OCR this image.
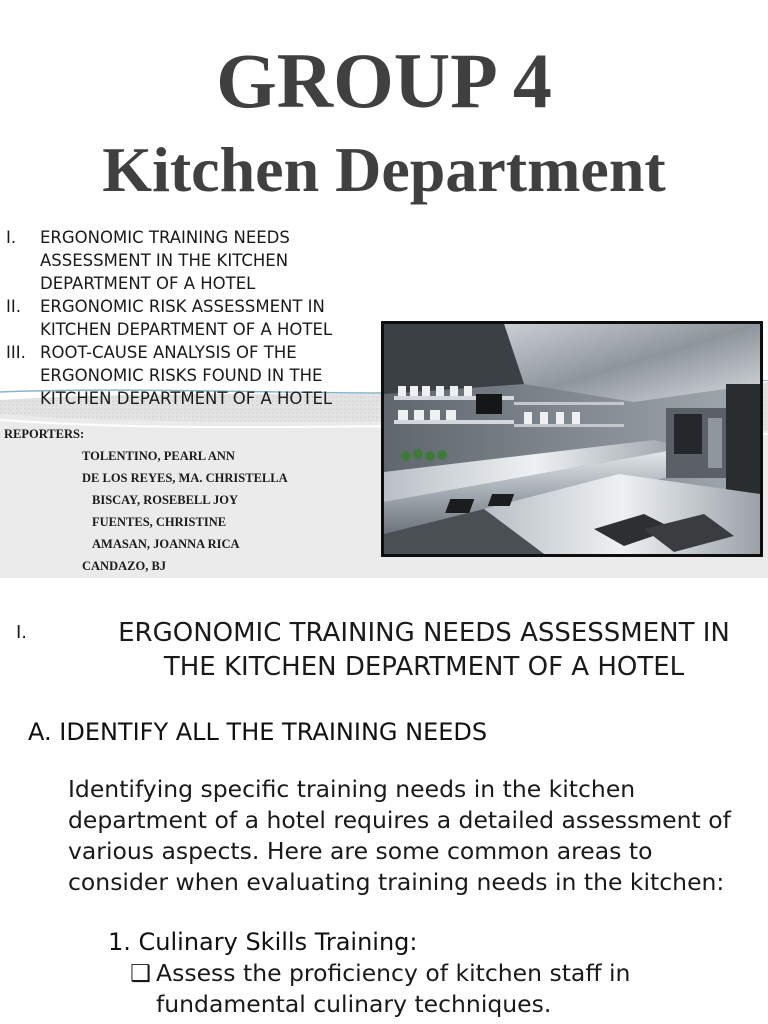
GROUP 4
Kitchen Department
I.	ERGONOMIC TRAINING NEEDS ASSESSMENT IN THE KITCHEN DEPARTMENT OF A HOTEL
II.	ERGONOMIC RISK ASSESSMENT IN KITCHEN DEPARTMENT OF A HOTEL
III. ROOT-CAUSE ANALYSIS OF THE ERGONOMIC RISKS FOUND IN THE KITCHEN DEPARTMENT OF A HOTEL
REPORTERS:
TOLENTINO, PEARL ANN
DE LOS REYES, MA. CHRISTELLA
BISCAY, ROSEBELL JOY
FUENTES, CHRISTINE
AMASAN, JOANNA RICA
CANDAZO, BJ
I.	ERGONOMIC TRAINING NEEDS ASSESSMENT IN THE KITCHEN DEPARTMENT OF A HOTEL
A. IDENTIFY ALL THE TRAINING NEEDS
Identifying specific training needs in the kitchen department of a hotel requires a detailed assessment of various aspects. Here are some common areas to consider when evaluating training needs in the kitchen:
1. Culinary Skills Training:
❑ Assess the proficiency of kitchen staff in fundamental culinary techniques.
